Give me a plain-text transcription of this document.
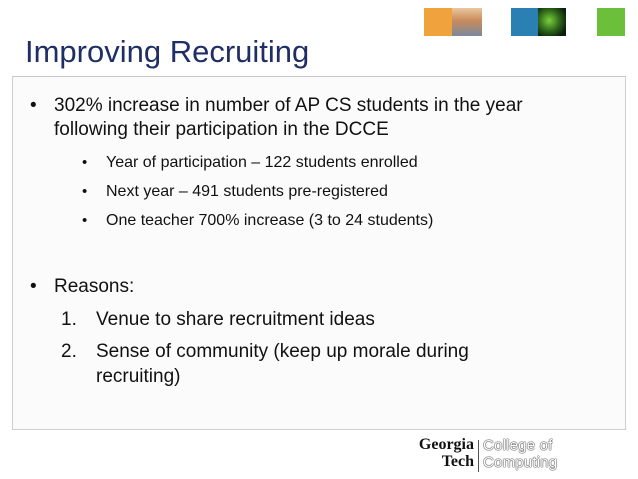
Improving Recruiting
• 302% increase in number of AP CS students in the year
following their participation in the DCCE
• Year of participation – 122 students enrolled
• Next year – 491 students pre-registered
• One teacher 700% increase (3 to 24 students)
• Reasons:
1. Venue to share recruitment ideas
2. Sense of community (keep up morale during
recruiting)
Georgia
Tech
College of
Computing
